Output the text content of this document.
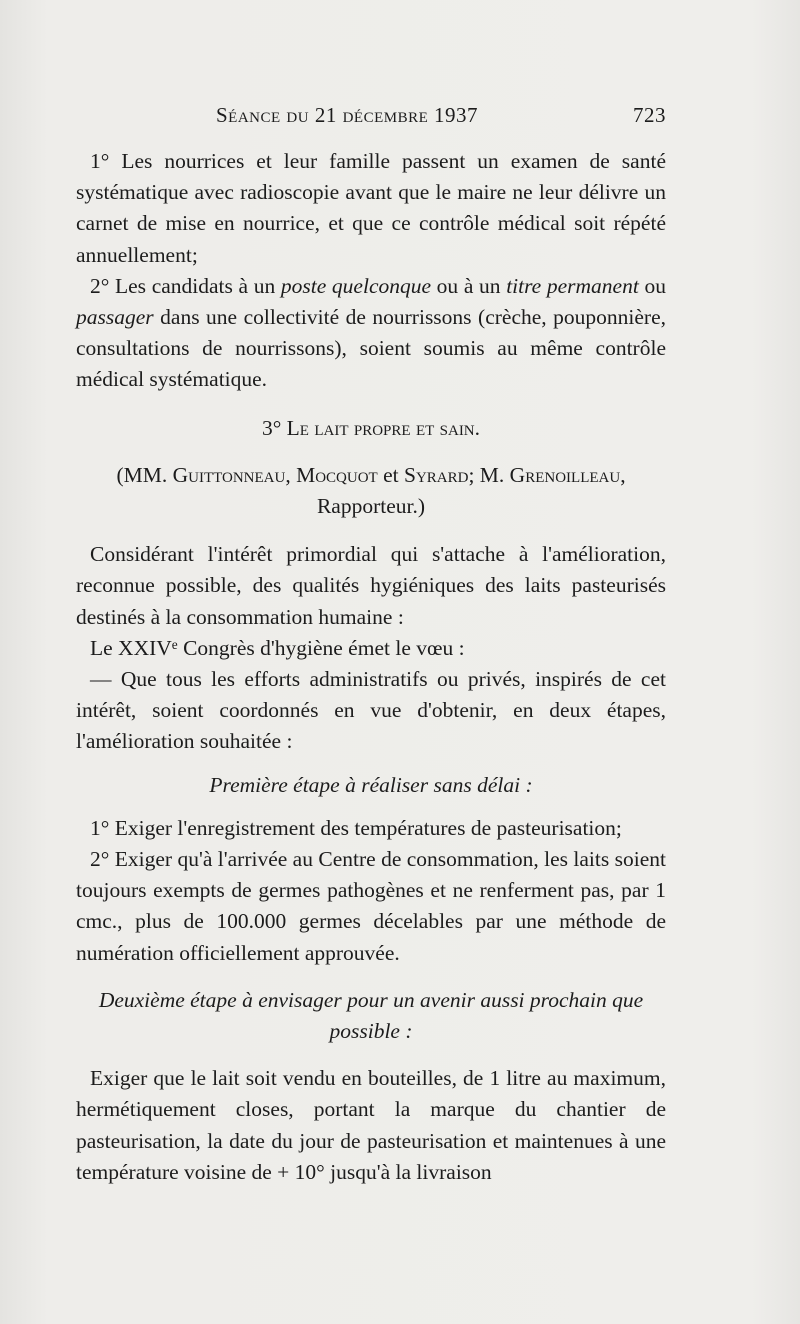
Séance du 21 décembre 1937	723

1° Les nourrices et leur famille passent un examen de santé systématique avec radioscopie avant que le maire ne leur délivre un carnet de mise en nourrice, et que ce contrôle médical soit répété annuellement;

2° Les candidats à un poste quelconque ou à un titre permanent ou passager dans une collectivité de nourrissons (crèche, pouponnière, consultations de nourrissons), soient soumis au même contrôle médical systématique.

3° Le lait propre et sain.

(MM. Guittonneau, Mocquot et Syrard; M. Grenoilleau, Rapporteur.)

Considérant l'intérêt primordial qui s'attache à l'amélioration, reconnue possible, des qualités hygiéniques des laits pasteurisés destinés à la consommation humaine :

Le XXIVe Congrès d'hygiène émet le vœu :

— Que tous les efforts administratifs ou privés, inspirés de cet intérêt, soient coordonnés en vue d'obtenir, en deux étapes, l'amélioration souhaitée :

Première étape à réaliser sans délai :

1° Exiger l'enregistrement des températures de pasteurisation;

2° Exiger qu'à l'arrivée au Centre de consommation, les laits soient toujours exempts de germes pathogènes et ne renferment pas, par 1 cmc., plus de 100.000 germes décelables par une méthode de numération officiellement approuvée.

Deuxième étape à envisager pour un avenir aussi prochain que possible :

Exiger que le lait soit vendu en bouteilles, de 1 litre au maximum, hermétiquement closes, portant la marque du chantier de pasteurisation, la date du jour de pasteurisation et maintenues à une température voisine de + 10° jusqu'à la livraison
